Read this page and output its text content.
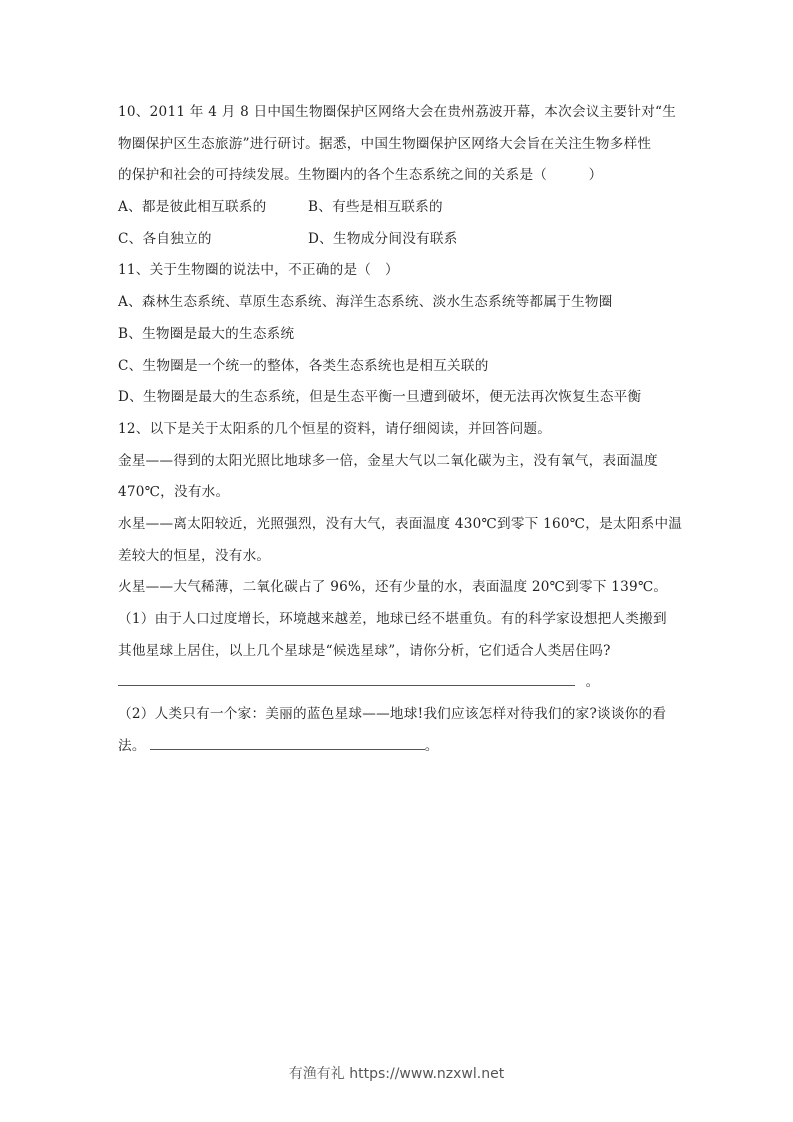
10、2011 年 4 月 8 日中国生物圈保护区网络大会在贵州荔波开幕，本次会议主要针对“生
物圈保护区生态旅游”进行研讨。据悉，中国生物圈保护区网络大会旨在关注生物多样性
的保护和社会的可持续发展。生物圈内的各个生态系统之间的关系是（　　　）
A、都是彼此相互联系的	B、有些是相互联系的
C、各自独立的	D、生物成分间没有联系
11、关于生物圈的说法中，不正确的是（　）
A、森林生态系统、草原生态系统、海洋生态系统、淡水生态系统等都属于生物圈
B、生物圈是最大的生态系统
C、生物圈是一个统一的整体，各类生态系统也是相互关联的
D、生物圈是最大的生态系统，但是生态平衡一旦遭到破坏，便无法再次恢复生态平衡
12、以下是关于太阳系的几个恒星的资料，请仔细阅读，并回答问题。
金星——得到的太阳光照比地球多一倍，金星大气以二氧化碳为主，没有氧气，表面温度
470℃，没有水。
水星——离太阳较近，光照强烈，没有大气，表面温度 430℃到零下 160℃，是太阳系中温
差较大的恒星，没有水。
火星——大气稀薄，二氧化碳占了 96%，还有少量的水，表面温度 20℃到零下 139℃。
（1）由于人口过度增长，环境越来越差，地球已经不堪重负。有的科学家设想把人类搬到
其他星球上居住，以上几个星球是“候选星球”，请你分析，它们适合人类居住吗?
。
（2）人类只有一个家：美丽的蓝色星球——地球!我们应该怎样对待我们的家?谈谈你的看
法。	。
有渔有礼 https://www.nzxwl.net
